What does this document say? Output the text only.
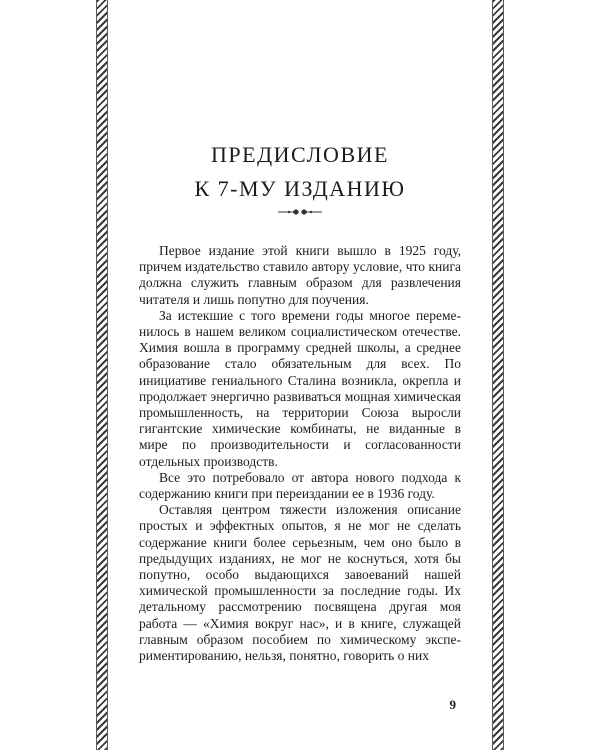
ПРЕДИСЛОВИЕ
К 7-МУ ИЗДАНИЮ

Первое издание этой книги вышло в 1925 году, причем издательство ставило автору условие, что книга должна служить главным образом для развлечения читателя и лишь попутно для поучения.

За истекшие с того времени годы многое переменилось в нашем великом социалистическом отечестве. Химия вошла в программу средней школы, а среднее образование стало обязательным для всех. По инициативе гениального Сталина возникла, окрепла и продолжает энергично развиваться мощная химическая промышленность, на территории Союза выросли гигантские химические комбинаты, не виданные в мире по производительности и согласованности отдельных производств.

Все это потребовало от автора нового подхода к содержанию книги при переиздании ее в 1936 году.

Оставляя центром тяжести изложения описание простых и эффектных опытов, я не мог не сделать содержание книги более серьезным, чем оно было в предыдущих изданиях, не мог не коснуться, хотя бы попутно, особо выдающихся завоеваний нашей химической промышленности за последние годы. Их детальному рассмотрению посвящена другая моя работа — «Химия вокруг нас», и в книге, служащей главным образом пособием по химическому экспериментированию, нельзя, понятно, говорить о них

9
